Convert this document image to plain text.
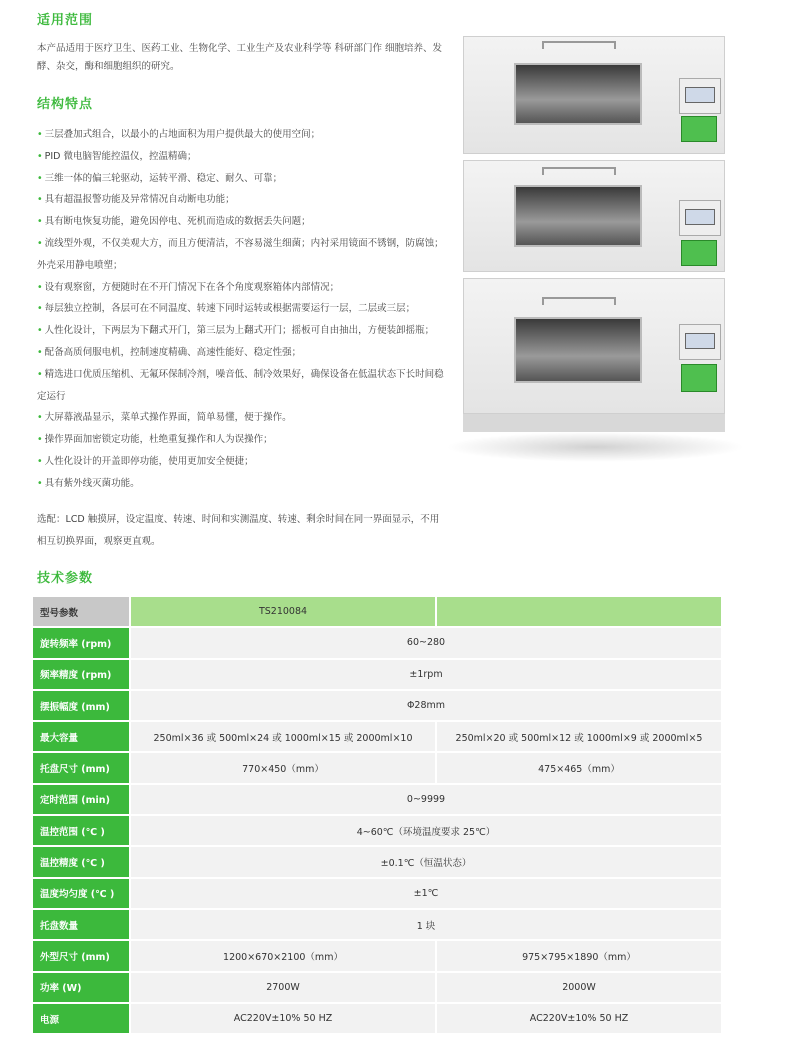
适用范围
本产品适用于医疗卫生、医药工业、生物化学、工业生产及农业科学等 科研部门作 细胞培养、发酵、杂交，酶和细胞组织的研究。
结构特点
• 三层叠加式组合，以最小的占地面积为用户提供最大的使用空间；
• PID 微电脑智能控温仪，控温精确；
• 三维一体的偏三轮驱动，运转平滑、稳定、耐久、可靠；
• 具有超温报警功能及异常情况自动断电功能；
• 具有断电恢复功能，避免因停电、死机而造成的数据丢失问题；
• 流线型外观，不仅美观大方，而且方便清洁，不容易滋生细菌；内衬采用镜面不锈钢，防腐蚀；外壳采用静电喷塑；
• 设有观察窗，方便随时在不开门情况下在各个角度观察箱体内部情况；
• 每层独立控制，各层可在不同温度、转速下同时运转或根据需要运行一层，二层或三层；
• 人性化设计，下两层为下翻式开门，第三层为上翻式开门；摇板可自由抽出，方便装卸摇瓶；
• 配备高质伺服电机，控制速度精确、高速性能好、稳定性强；
• 精选进口优质压缩机、无氟环保制冷剂，噪音低、制冷效果好，确保设备在低温状态下长时间稳定运行
• 大屏幕液晶显示，菜单式操作界面，简单易懂，便于操作。
• 操作界面加密锁定功能，杜绝重复操作和人为误操作；
• 人性化设计的开盖即停功能，使用更加安全便捷；
• 具有紫外线灭菌功能。
选配：LCD 触摸屏，设定温度、转速、时间和实测温度、转速、剩余时间在同一界面显示，不用相互切换界面，观察更直观。
技术参数
型号参数	TS210084	
旋转频率 (rpm)	60~280	
频率精度 (rpm)	±1rpm	
摆振幅度 (mm)	Φ28mm	
最大容量	250ml×36 或 500ml×24 或 1000ml×15 或 2000ml×10	250ml×20 或 500ml×12 或 1000ml×9 或 2000ml×5
托盘尺寸 (mm)	770×450（mm）	475×465（mm）
定时范围 (min)	0~9999	
温控范围 (℃ )	4~60℃（环境温度要求 25℃）	
温控精度 (℃ )	±0.1℃（恒温状态）	
温度均匀度 (℃ )	±1℃	
托盘数量	1 块	
外型尺寸 (mm)	1200×670×2100（mm）	975×795×1890（mm）
功率 (W)	2700W	2000W
电源	AC220V±10% 50 HZ	AC220V±10% 50 HZ
